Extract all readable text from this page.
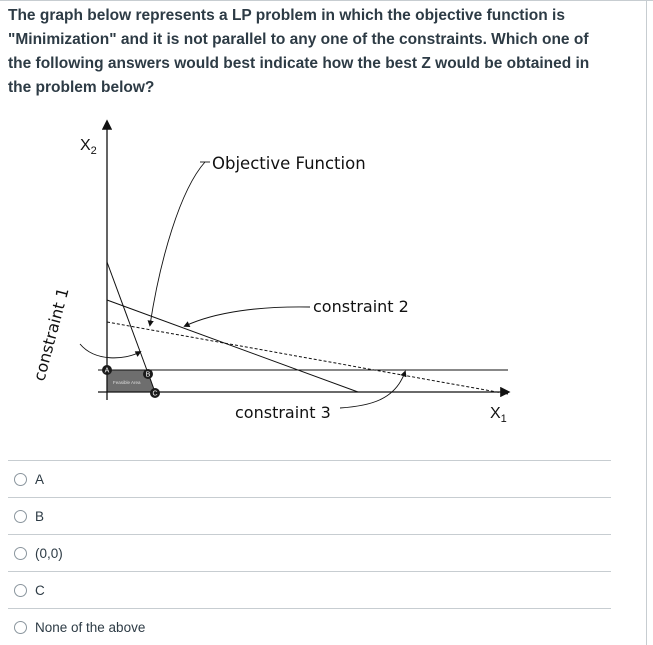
The graph below represents a LP problem in which the objective function is "Minimization" and it is not parallel to any one of the constraints. Which one of the following answers would best indicate how the best Z would be obtained in the problem below?
Feasible Area
A
B
C
$X_2$
$X_1$
Objective Function
constraint 2
constraint 3
constraint 1
A
B
(0,0)
C
None of the above
